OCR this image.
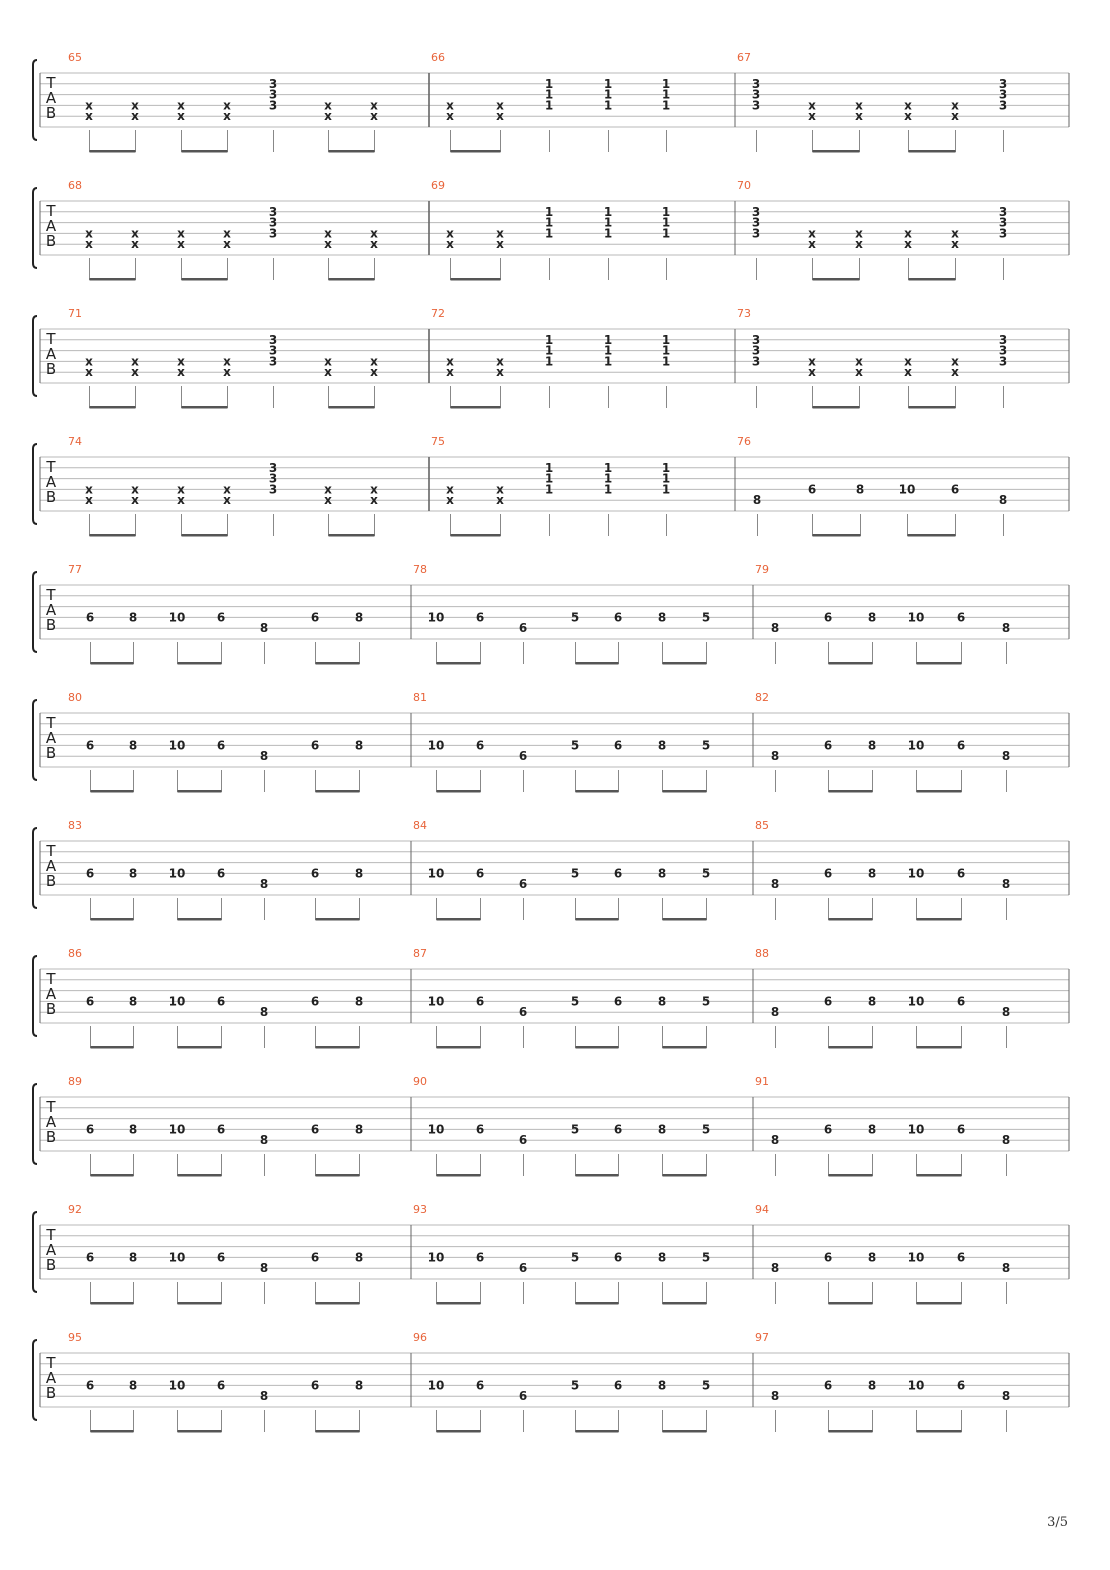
T
A
B
65
x
x
x
x
x
x
x
x	3
3
3
x
x
x
x
66
x
x
x
x	1
1
1
1
1
1
1
1
1
67
3
3
3
x
x
x
x
x
x
x
x	3
3
3
T
A
B
68
x
x
x
x
x
x
x
x	3
3
3
x
x
x
x
69
x
x
x
x	1
1
1
1
1
1
1
1
1
70
3
3
3
x
x
x
x
x
x
x
x	3
3
3
T
A
B
71
x
x
x
x
x
x
x
x	3
3
3
x
x
x
x
72
x
x
x
x	1
1
1
1
1
1
1
1
1
73
3
3
3
x
x
x
x
x
x
x
x	3
3
3
T
A
B
74
x
x
x
x
x
x
x
x	3
3
3
x
x
x
x
75
x
x
x
x	1
1
1
1
1
1
1
1
1
76
8
6	8	10	6
8
T
A
B
77
6	8	10	6
8
6	8
78
10	6
6
5	6	8	5
79
8
6	8	10	6
8
T
A
B
80
6	8	10	6
8
6	8
81
10	6
6
5	6	8	5
82
8
6	8	10	6
8
T
A
B
83
6	8	10	6
8
6	8
84
10	6
6
5	6	8	5
85
8
6	8	10	6
8
T
A
B
86
6	8	10	6
8
6	8
87
10	6
6
5	6	8	5
88
8
6	8	10	6
8
T
A
B
89
6	8	10	6
8
6	8
90
10	6
6
5	6	8	5
91
8
6	8	10	6
8
T
A
B
92
6	8	10	6
8
6	8
93
10	6
6
5	6	8	5
94
8
6	8	10	6
8
T
A
B
95
6	8	10	6
8
6	8
96
10	6
6
5	6	8	5
97
8
6	8	10	6
8
3/5
